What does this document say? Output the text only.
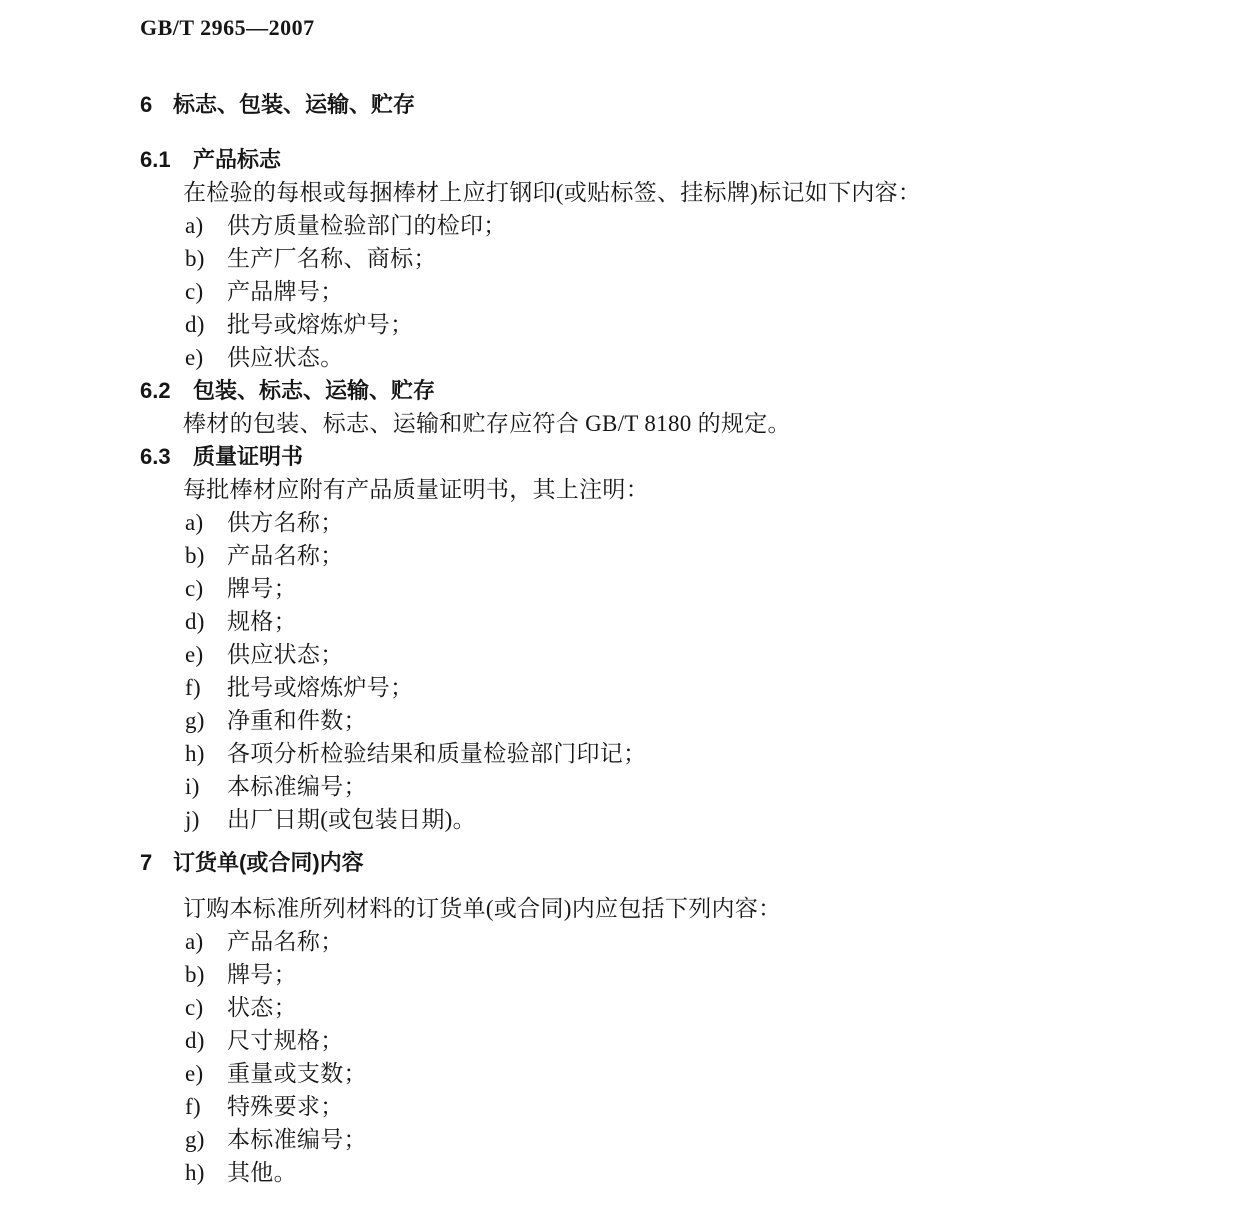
GB/T 2965—2007
6 标志、包装、运输、贮存
6.1 产品标志
在检验的每根或每捆棒材上应打钢印(或贴标签、挂标牌)标记如下内容：
a) 供方质量检验部门的检印；
b) 生产厂名称、商标；
c) 产品牌号；
d) 批号或熔炼炉号；
e) 供应状态。
6.2 包装、标志、运输、贮存
棒材的包装、标志、运输和贮存应符合 GB/T 8180 的规定。
6.3 质量证明书
每批棒材应附有产品质量证明书，其上注明：
a) 供方名称；
b) 产品名称；
c) 牌号；
d) 规格；
e) 供应状态；
f) 批号或熔炼炉号；
g) 净重和件数；
h) 各项分析检验结果和质量检验部门印记；
i) 本标准编号；
j) 出厂日期(或包装日期)。
7 订货单(或合同)内容
订购本标准所列材料的订货单(或合同)内应包括下列内容：
a) 产品名称；
b) 牌号；
c) 状态；
d) 尺寸规格；
e) 重量或支数；
f) 特殊要求；
g) 本标准编号；
h) 其他。
